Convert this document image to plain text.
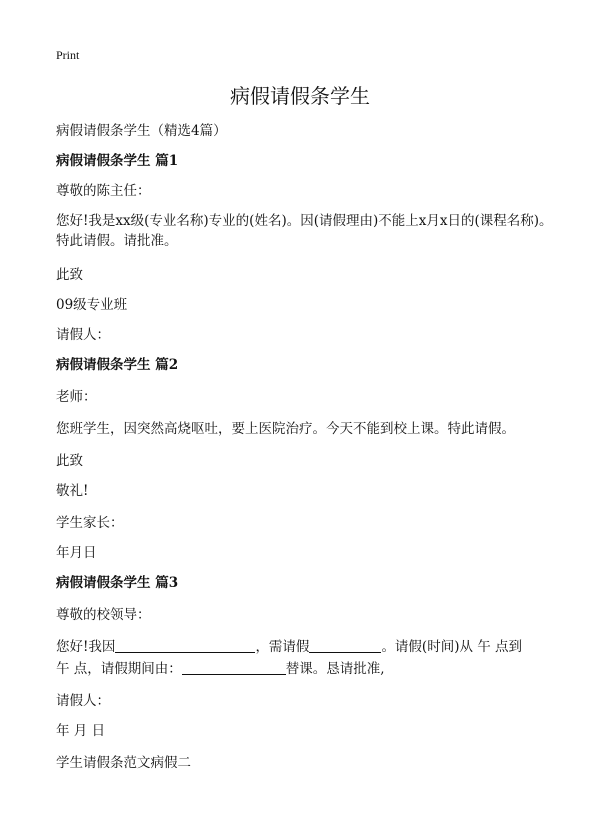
Print
病假请假条学生
病假请假条学生（精选4篇）
病假请假条学生 篇1
尊敬的陈主任：
您好!我是xx级(专业名称)专业的(姓名)。因(请假理由)不能上x月x日的(课程名称)。
特此请假。请批准。
此致
09级专业班
请假人：
病假请假条学生 篇2
老师：
您班学生，因突然高烧呕吐，要上医院治疗。今天不能到校上课。特此请假。
此致
敬礼!
学生家长：
年月日
病假请假条学生 篇3
尊敬的校领导：
您好!我因	，需请假	。请假(时间)从 午 点到
午 点，请假期间由：	替课。恳请批准,
请假人：
年 月 日
学生请假条范文病假二
